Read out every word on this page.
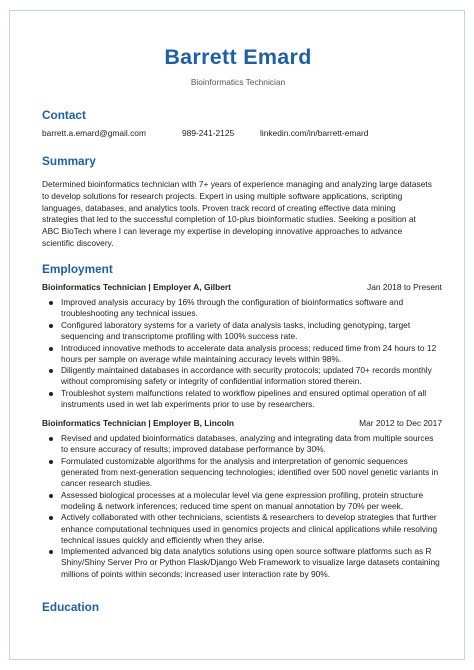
Barrett Emard
Bioinformatics Technician
Contact
barrett.a.emard@gmail.com	989-241-2125	linkedin.com/in/barrett-emard
Summary
Determined bioinformatics technician with 7+ years of experience managing and analyzing large datasets to develop solutions for research projects. Expert in using multiple software applications, scripting languages, databases, and analytics tools. Proven track record of creating effective data mining strategies that led to the successful completion of 10-plus bioinformatic studies. Seeking a position at ABC BioTech where I can leverage my expertise in developing innovative approaches to advance scientific discovery.
Employment
Bioinformatics Technician | Employer A, Gilbert	Jan 2018 to Present
Improved analysis accuracy by 16% through the configuration of bioinformatics software and troubleshooting any technical issues.
Configured laboratory systems for a variety of data analysis tasks, including genotyping, target sequencing and transcriptome profiling with 100% success rate.
Introduced innovative methods to accelerate data analysis process; reduced time from 24 hours to 12 hours per sample on average while maintaining accuracy levels within 98%.
Diligently maintained databases in accordance with security protocols; updated 70+ records monthly without compromising safety or integrity of confidential information stored therein.
Troubleshot system malfunctions related to workflow pipelines and ensured optimal operation of all instruments used in wet lab experiments prior to use by researchers.
Bioinformatics Technician | Employer B, Lincoln	Mar 2012 to Dec 2017
Revised and updated bioinformatics databases, analyzing and integrating data from multiple sources to ensure accuracy of results; improved database performance by 30%.
Formulated customizable algorithms for the analysis and interpretation of genomic sequences generated from next-generation sequencing technologies; identified over 500 novel genetic variants in cancer research studies.
Assessed biological processes at a molecular level via gene expression profiling, protein structure modeling & network inferences; reduced time spent on manual annotation by 70% per week.
Actively collaborated with other technicians, scientists & researchers to develop strategies that further enhance computational techniques used in genomics projects and clinical applications while resolving technical issues quickly and efficiently when they arise.
Implemented advanced big data analytics solutions using open source software platforms such as R Shiny/Shiny Server Pro or Python Flask/Django Web Framework to visualize large datasets containing millions of points within seconds; increased user interaction rate by 90%.
Education
